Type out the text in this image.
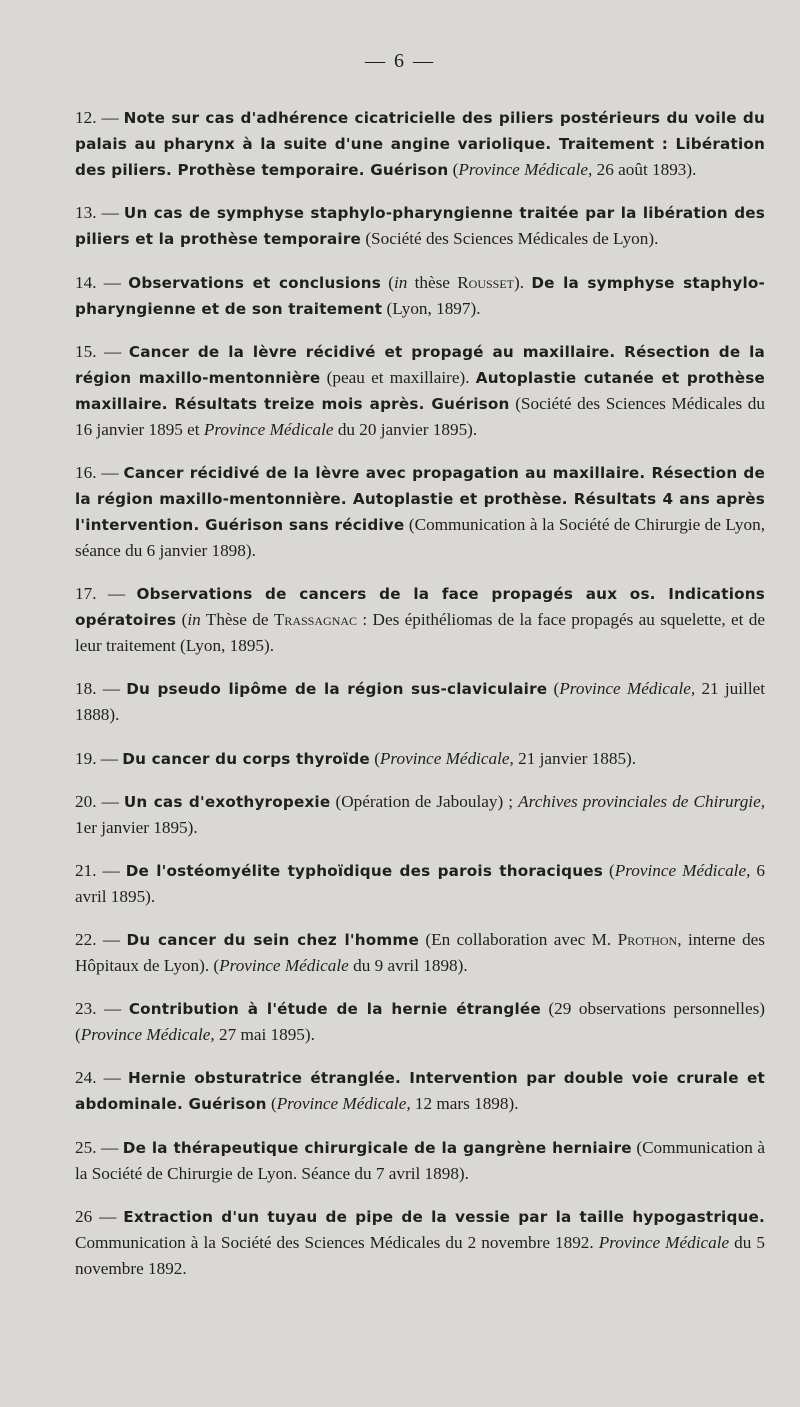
— 6 —

12. — Note sur cas d'adhérence cicatricielle des piliers postérieurs du voile du palais au pharynx à la suite d'une angine variolique. Traitement : Libération des piliers. Prothèse temporaire. Guérison (Province Médicale, 26 août 1893).

13. — Un cas de symphyse staphylo-pharyngienne traitée par la libération des piliers et la prothèse temporaire (Société des Sciences Médicales de Lyon).

14. — Observations et conclusions (in thèse Rousset). De la symphyse staphylo-pharyngienne et de son traitement (Lyon, 1897).

15. — Cancer de la lèvre récidivé et propagé au maxillaire. Résection de la région maxillo-mentonnière (peau et maxillaire). Autoplastie cutanée et prothèse maxillaire. Résultats treize mois après. Guérison (Société des Sciences Médicales du 16 janvier 1895 et Province Médicale du 20 janvier 1895).

16. — Cancer récidivé de la lèvre avec propagation au maxillaire. Résection de la région maxillo-mentonnière. Autoplastie et prothèse. Résultats 4 ans après l'intervention. Guérison sans récidive (Communication à la Société de Chirurgie de Lyon, séance du 6 janvier 1898).

17. — Observations de cancers de la face propagés aux os. Indications opératoires (in Thèse de Trassagnac : Des épithéliomas de la face propagés au squelette, et de leur traitement (Lyon, 1895).

18. — Du pseudo lipôme de la région sus-claviculaire (Province Médicale, 21 juillet 1888).

19. — Du cancer du corps thyroïde (Province Médicale, 21 janvier 1885).

20. — Un cas d'exothyropexie (Opération de Jaboulay) ; Archives provinciales de Chirurgie, 1er janvier 1895).

21. — De l'ostéomyélite typhoïdique des parois thoraciques (Province Médicale, 6 avril 1895).

22. — Du cancer du sein chez l'homme (En collaboration avec M. Prothon, interne des Hôpitaux de Lyon). (Province Médicale du 9 avril 1898).

23. — Contribution à l'étude de la hernie étranglée (29 observations personnelles) (Province Médicale, 27 mai 1895).

24. — Hernie obsturatrice étranglée. Intervention par double voie crurale et abdominale. Guérison (Province Médicale, 12 mars 1898).

25. — De la thérapeutique chirurgicale de la gangrène herniaire (Communication à la Société de Chirurgie de Lyon. Séance du 7 avril 1898).

26 — Extraction d'un tuyau de pipe de la vessie par la taille hypogastrique. Communication à la Société des Sciences Médicales du 2 novembre 1892. Province Médicale du 5 novembre 1892.
